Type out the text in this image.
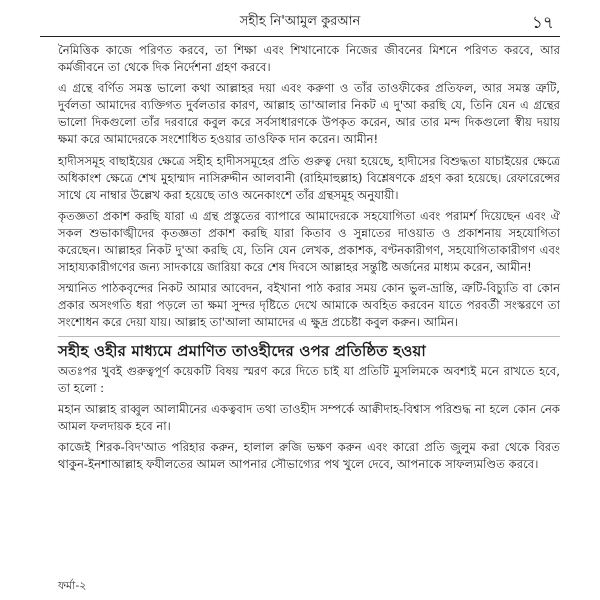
সহীহ নি'আমুল কুরআন	১৭

নৈমিত্তিক কাজে পরিণত করবে, তা শিক্ষা এবং শিখানোকে নিজের জীবনের মিশনে পরিণত করবে, আর কর্মজীবনে তা থেকে দিক নির্দেশনা গ্রহণ করবে।

এ গ্রন্থে বর্ণিত সমস্ত ভালো কথা আল্লাহর দয়া এবং করুণা ও তাঁর তাওফীকের প্রতিফল, আর সমস্ত ত্রুটি, দুর্বলতা আমাদের ব্যক্তিগত দুর্বলতার কারণ, আল্লাহ তা'আলার নিকট এ দু'আ করছি যে, তিনি যেন এ গ্রন্থের ভালো দিকগুলো তাঁর দরবারে কবুল করে সর্বসাধারণকে উপকৃত করেন, আর তার মন্দ দিকগুলো স্বীয় দয়ায় ক্ষমা করে আমাদেরকে সংশোধিত হওয়ার তাওফিক দান করেন। আমীন!

হাদীসসমূহ বাছাইয়ের ক্ষেত্রে সহীহ হাদীসসমূহের প্রতি গুরুত্ব দেয়া হয়েছে, হাদীসের বিশুদ্ধতা যাচাইয়ের ক্ষেত্রে অধিকাংশ ক্ষেত্রে শেখ মুহাম্মাদ নাসিরুদ্দীন আলবানী (রাহিমাহুল্লাহ) বিশ্লেষণকে গ্রহণ করা হয়েছে। রেফারেন্সের সাথে যে নাম্বার উল্লেখ করা হয়েছে তাও অনেকাংশে তাঁর গ্রন্থসমূহ অনুযায়ী।

কৃতজ্ঞতা প্রকাশ করছি যারা এ গ্রন্থ প্রস্তুতের ব্যাপারে আমাদেরকে সহযোগিতা এবং পরামর্শ দিয়েছেন এবং ঐ সকল শুভাকাঙ্খীদের কৃতজ্ঞতা প্রকাশ করছি যারা কিতাব ও সুন্নাতের দাওয়াত ও প্রকাশনায় সহযোগিতা করেছেন। আল্লাহর নিকট দু'আ করছি যে, তিনি যেন লেখক, প্রকাশক, বণ্টনকারীগণ, সহযোগিতাকারীগণ এবং সাহায্যকারীগণের জন্য সাদকায়ে জারিয়া করে শেষ দিবসে আল্লাহর সন্তুষ্টি অর্জনের মাধ্যম করেন, আমীন!

সম্মানিত পাঠকবৃন্দের নিকট আমার আবেদন, বইখানা পাঠ করার সময় কোন ভুল-ভ্রান্তি, ত্রুটি-বিচ্যুতি বা কোন প্রকার অসংগতি ধরা পড়লে তা ক্ষমা সুন্দর দৃষ্টিতে দেখে আমাকে অবহিত করবেন যাতে পরবর্তী সংস্করণে তা সংশোধন করে দেয়া যায়। আল্লাহ তা'আলা আমাদের এ ক্ষুদ্র প্রচেষ্টা কবুল করুন। আমিন।

সহীহ ওহীর মাধ্যমে প্রমাণিত তাওহীদের ওপর প্রতিষ্ঠিত হওয়া

অতঃপর খুবই গুরুত্বপূর্ণ কয়েকটি বিষয় স্মরণ করে দিতে চাই যা প্রতিটি মুসলিমকে অবশ্যই মনে রাখতে হবে, তা হলো :

মহান আল্লাহ রাব্বুল আলামীনের একত্ববাদ তথা তাওহীদ সম্পর্কে আক্বীদাহ-বিশ্বাস পরিশুদ্ধ না হলে কোন নেক আমল ফলদায়ক হবে না।

কাজেই শিরক-বিদ'আত পরিহার করুন, হালাল রুজি ভক্ষণ করুন এবং কারো প্রতি জুলুম করা থেকে বিরত থাকুন-ইনশাআল্লাহ ফযীলতের আমল আপনার সৌভাগ্যের পথ খুলে দেবে, আপনাকে সাফল্যমণ্ডিত করবে।

ফর্মা-২
